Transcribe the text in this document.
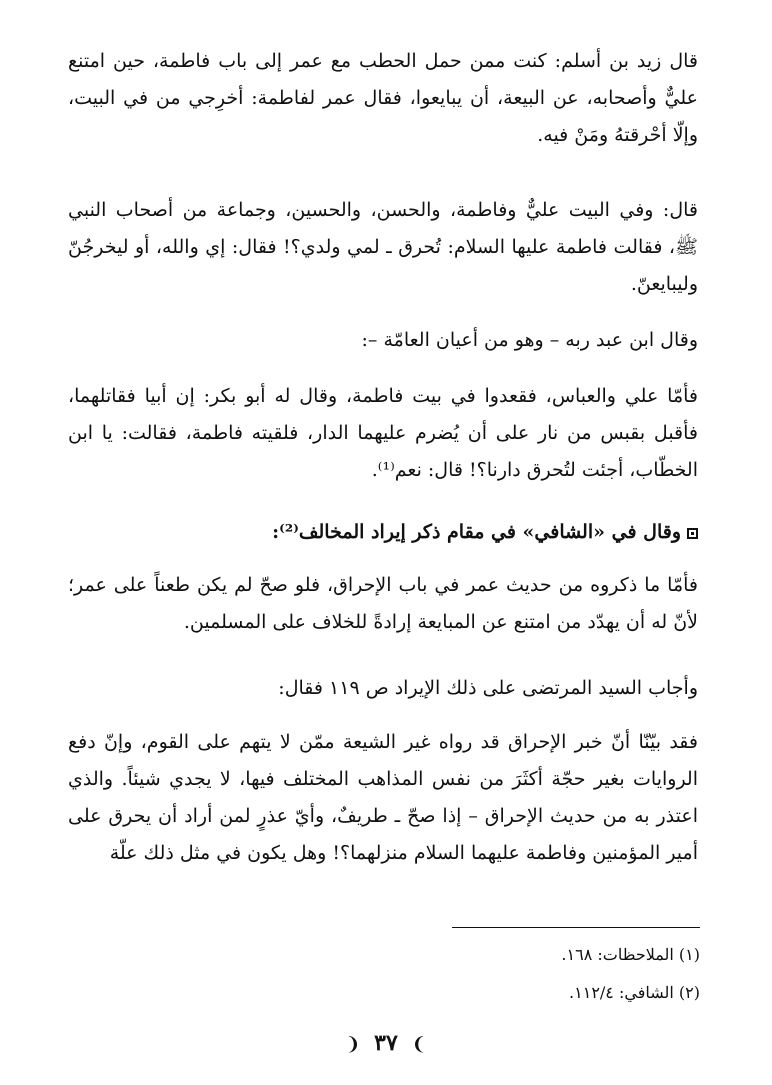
قال زيد بن أسلم: كنت ممن حمل الحطب مع عمر إلى باب فاطمة، حين امتنع عليٌّ وأصحابه، عن البيعة، أن يبايعوا، فقال عمر لفاطمة: أخرِجي من في البيت، وإلّا أحْرقتهُ ومَنْ فيه.

قال: وفي البيت عليٌّ وفاطمة، والحسن، والحسين، وجماعة من أصحاب النبي ﷺ، فقالت فاطمة عليها السلام: تُحرق ـ لمي ولدي؟! فقال: إي والله، أو ليخرجُنّ وليبايعنّ.

وقال ابن عبد ربه – وهو من أعيان العامّة –:

فأمّا علي والعباس، فقعدوا في بيت فاطمة، وقال له أبو بكر: إن أبيا فقاتلهما، فأقبل بقبس من نار على أن يُضرم عليهما الدار، فلقيته فاطمة، فقالت: يا ابن الخطّاب، أجئت لتُحرق دارنا؟! قال: نعم⁽¹⁾.

وقال في «الشافي» في مقام ذكر إيراد المخالف⁽²⁾:

فأمّا ما ذكروه من حديث عمر في باب الإحراق، فلو صحّ لم يكن طعناً على عمر؛ لأنّ له أن يهدّد من امتنع عن المبايعة إرادةً للخلاف على المسلمين.

وأجاب السيد المرتضى على ذلك الإيراد ص ١١٩ فقال:

فقد بيّنّا أنّ خبر الإحراق قد رواه غير الشيعة ممّن لا يتهم على القوم، وإنّ دفع الروايات بغير حجّة أكثَرَ من نفس المذاهب المختلف فيها، لا يجدي شيئاً. والذي اعتذر به من حديث الإحراق – إذا صحّ ـ طريفٌ، وأيّ عذرٍ لمن أراد أن يحرق على أمير المؤمنين وفاطمة عليهما السلام منزلهما؟! وهل يكون في مثل ذلك علّة

(١) الملاحظات: ١٦٨.

(٢) الشافي: ١١٢/٤.

❩ ٣٧ ❨
